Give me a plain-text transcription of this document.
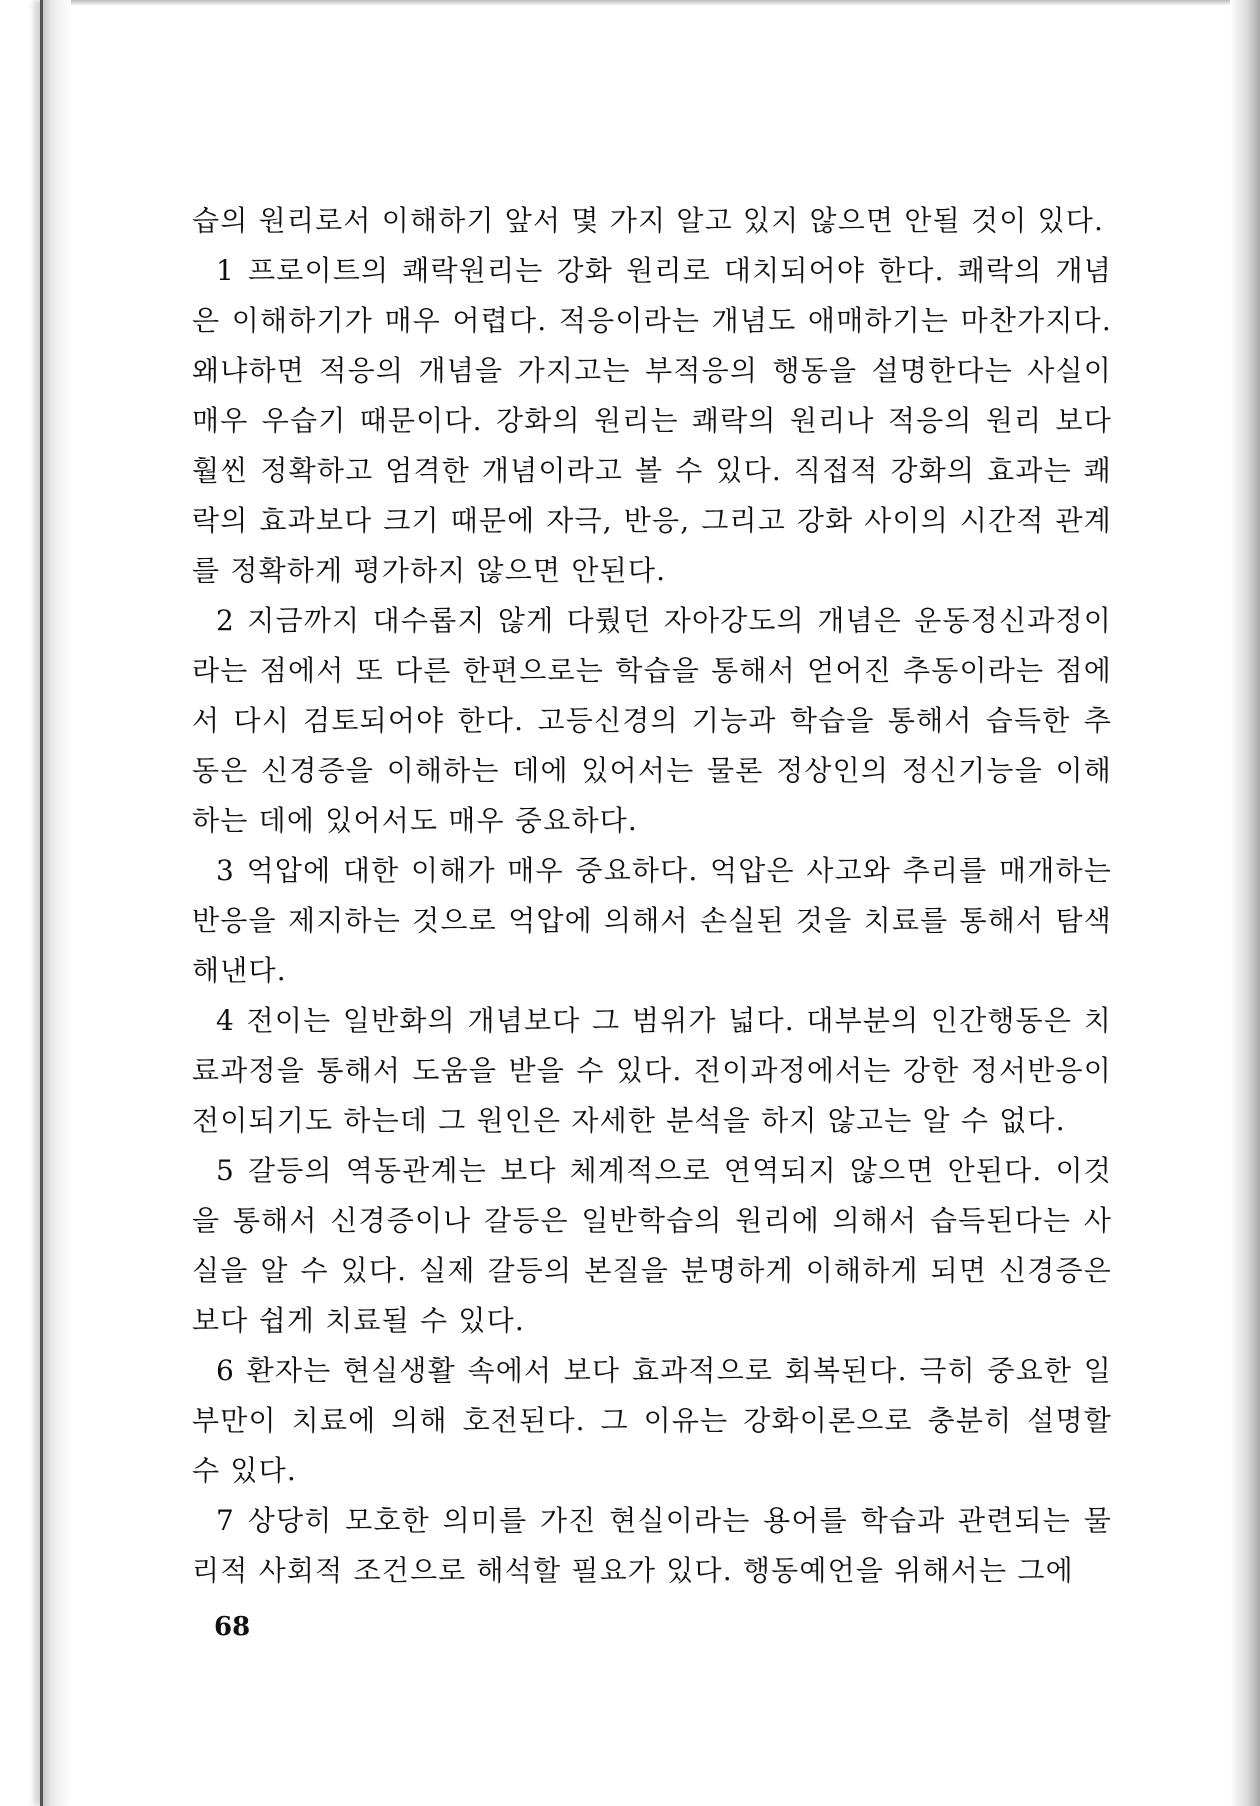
습의 원리로서 이해하기 앞서 몇 가지 알고 있지 않으면 안될 것이 있다.

1 프로이트의 쾌락원리는 강화 원리로 대치되어야 한다. 쾌락의 개념은 이해하기가 매우 어렵다. 적응이라는 개념도 애매하기는 마찬가지다. 왜냐하면 적응의 개념을 가지고는 부적응의 행동을 설명한다는 사실이 매우 우습기 때문이다. 강화의 원리는 쾌락의 원리나 적응의 원리 보다 훨씬 정확하고 엄격한 개념이라고 볼 수 있다. 직접적 강화의 효과는 쾌락의 효과보다 크기 때문에 자극, 반응, 그리고 강화 사이의 시간적 관계를 정확하게 평가하지 않으면 안된다.

2 지금까지 대수롭지 않게 다뤘던 자아강도의 개념은 운동정신과정이라는 점에서 또 다른 한편으로는 학습을 통해서 얻어진 추동이라는 점에서 다시 검토되어야 한다. 고등신경의 기능과 학습을 통해서 습득한 추동은 신경증을 이해하는 데에 있어서는 물론 정상인의 정신기능을 이해하는 데에 있어서도 매우 중요하다.

3 억압에 대한 이해가 매우 중요하다. 억압은 사고와 추리를 매개하는 반응을 제지하는 것으로 억압에 의해서 손실된 것을 치료를 통해서 탐색해낸다.

4 전이는 일반화의 개념보다 그 범위가 넓다. 대부분의 인간행동은 치료과정을 통해서 도움을 받을 수 있다. 전이과정에서는 강한 정서반응이 전이되기도 하는데 그 원인은 자세한 분석을 하지 않고는 알 수 없다.

5 갈등의 역동관계는 보다 체계적으로 연역되지 않으면 안된다. 이것을 통해서 신경증이나 갈등은 일반학습의 원리에 의해서 습득된다는 사실을 알 수 있다. 실제 갈등의 본질을 분명하게 이해하게 되면 신경증은 보다 쉽게 치료될 수 있다.

6 환자는 현실생활 속에서 보다 효과적으로 회복된다. 극히 중요한 일부만이 치료에 의해 호전된다. 그 이유는 강화이론으로 충분히 설명할 수 있다.

7 상당히 모호한 의미를 가진 현실이라는 용어를 학습과 관련되는 물리적 사회적 조건으로 해석할 필요가 있다. 행동예언을 위해서는 그에

68
